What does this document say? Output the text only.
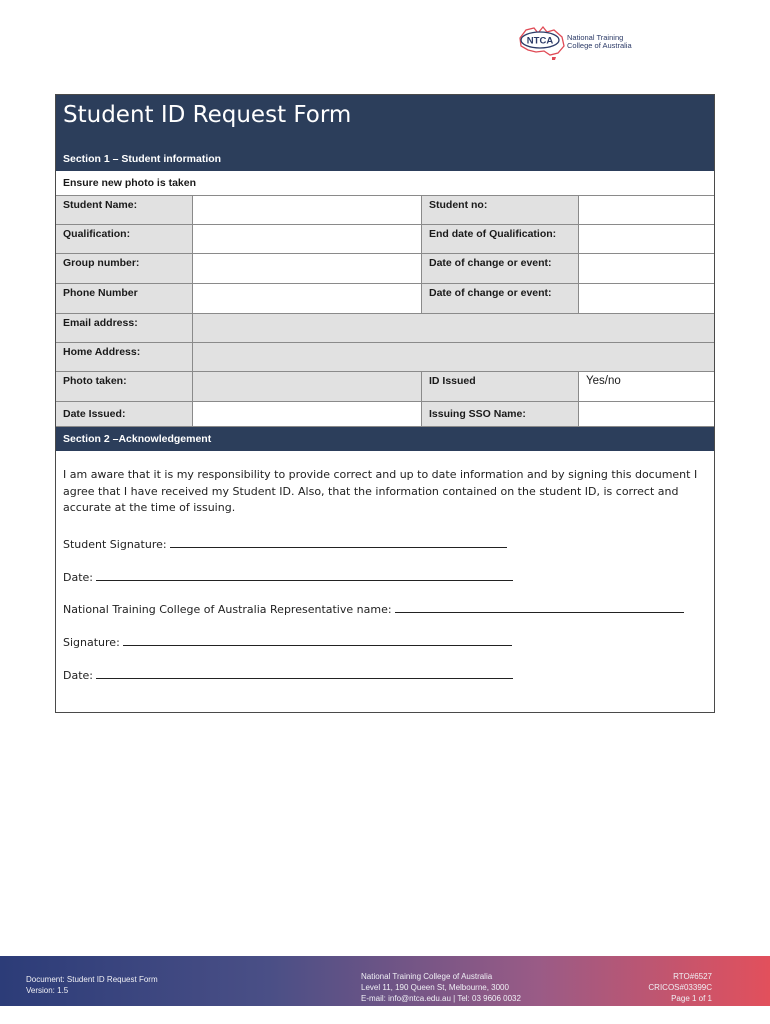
NTCA National Training
College of Australia
Student ID Request Form
Section 1 – Student information
Ensure new photo is taken
Student Name:	Student no:
Qualification:	End date of Qualification:
Group number:	Date of change or event:
Phone Number	Date of change or event:
Email address:
Home Address:
Photo taken:	ID Issued	Yes/no
Date Issued:	Issuing SSO Name:
Section 2 –Acknowledgement

I am aware that it is my responsibility to provide correct and up to date information and by signing this document I agree that I have received my Student ID. Also, that the information contained on the student ID, is correct and accurate at the time of issuing.

Student Signature:
Date:
National Training College of Australia Representative name:
Signature:
Date:
Document: Student ID Request Form
Version: 1.5
National Training College of Australia
Level 11, 190 Queen St, Melbourne, 3000
E-mail: info@ntca.edu.au | Tel: 03 9606 0032
RTO#6527
CRICOS#03399C
Page 1 of 1
